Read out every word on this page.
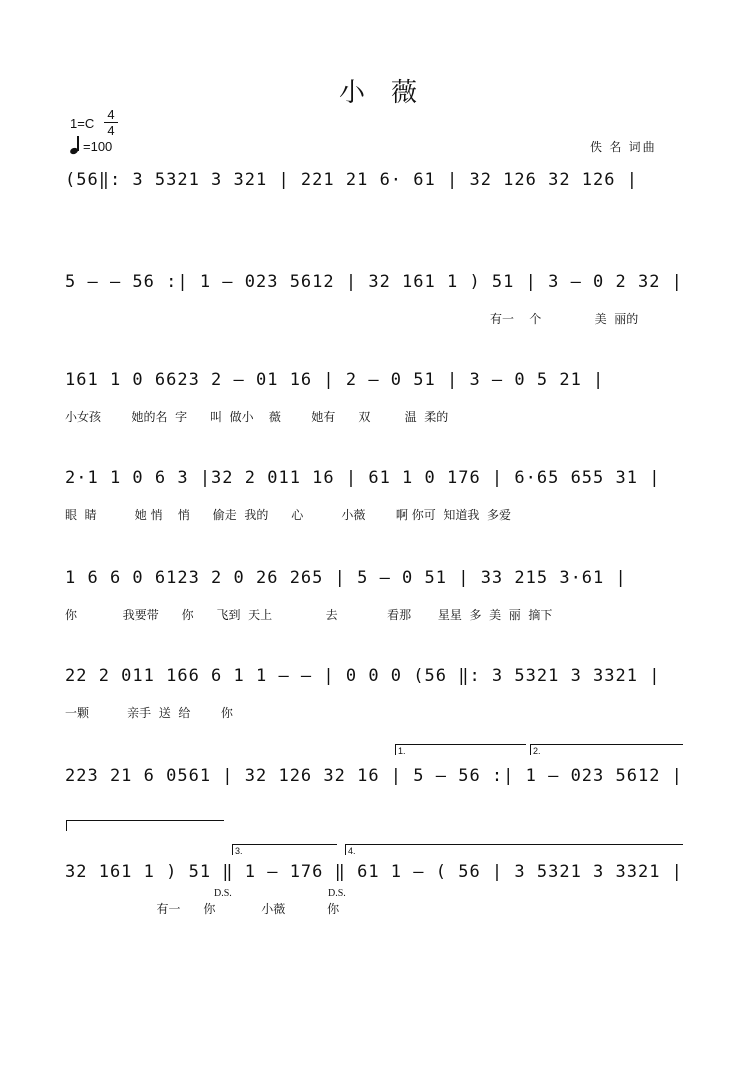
小　薇
1=C
4
4
=100	佚 名 词曲
(56‖: 3 5321 3 321 | 221 21 6· 61 | 32 126 32 126 |
5 – – 56 :| 1 – 023 5612 | 32 161 1 ) 51 | 3 – 0 2 32 |
有一    个              美  丽的
161 1 0 6623 2 – 01 16 | 2 – 0 51 | 3 – 0 5 21 |
小女孩        她的名  字      叫  做小    薇        她有      双         温  柔的
2·1 1 0 6 3 |32 2 011 16 | 61 1 0 176 | 6·65 655 31 |
眼  睛          她 悄    悄      偷走  我的      心          小薇        啊 你可  知道我  多爱
1 6 6 0 6123 2 0 26 265 | 5 – 0 51 | 33 215 3·61 |
你            我要带      你      飞到  天上              去             看那       星星  多  美  丽  摘下
22 2 011 166 6 1 1 – – | 0 0 0 (56 ‖: 3 5321 3 3321 |
一颗          亲手  送  给        你
1.	2.
223 21 6 0561 | 32 126 32 16 | 5 – 56 :| 1 – 023 5612 |
3.	4.
32 161 1 ) 51 ‖ 1 – 176 ‖ 61 1 – ( 56 | 3 5321 3 3321 |
有一      你            小薇           你
D.S.	D.S.
